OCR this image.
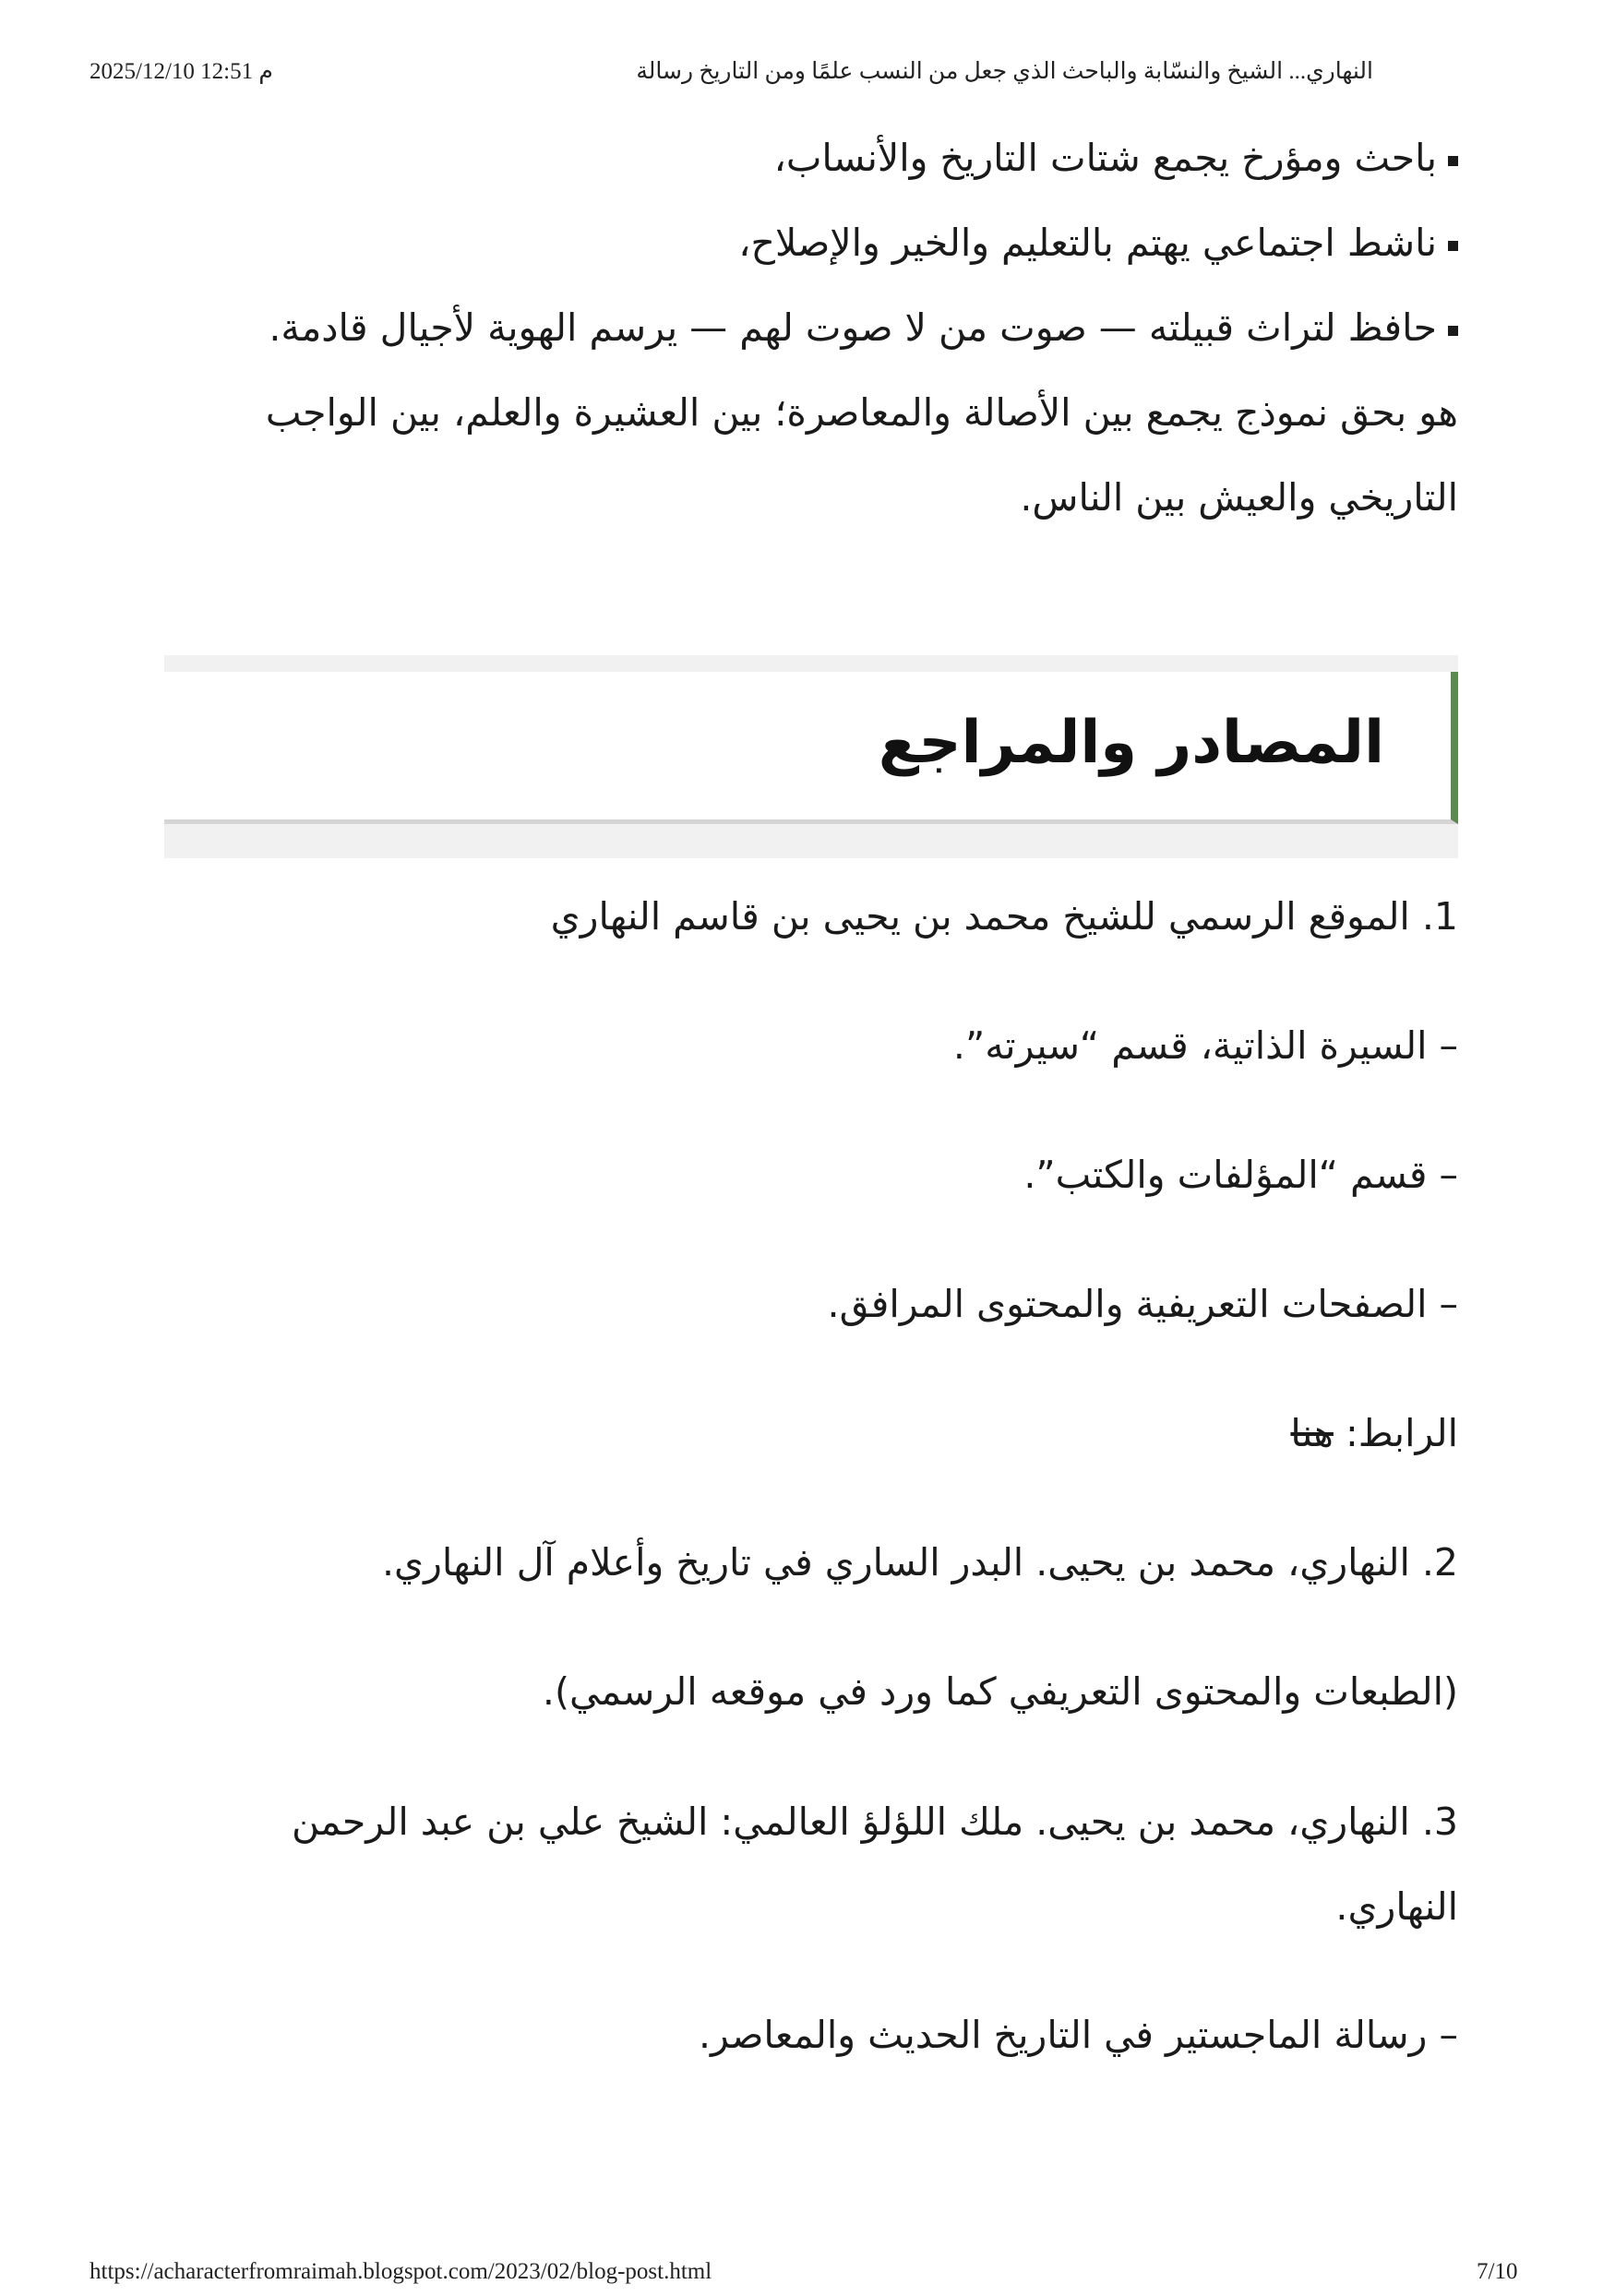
2025/12/10 12:51 م	النهاري... الشيخ والنسّابة والباحث الذي جعل من النسب علمًا ومن التاريخ رسالة
باحث ومؤرخ يجمع شتات التاريخ والأنساب،
ناشط اجتماعي يهتم بالتعليم والخير والإصلاح،
حافظ لتراث قبيلته — صوت من لا صوت لهم — يرسم الهوية لأجيال قادمة.
هو بحق نموذج يجمع بين الأصالة والمعاصرة؛ بين العشيرة والعلم، بين الواجب التاريخي والعيش بين الناس.
المصادر والمراجع
1. الموقع الرسمي للشيخ محمد بن يحيى بن قاسم النهاري
– السيرة الذاتية، قسم “سيرته”.
– قسم “المؤلفات والكتب”.
– الصفحات التعريفية والمحتوى المرافق.
الرابط: هنا
2. النهاري، محمد بن يحيى. البدر الساري في تاريخ وأعلام آل النهاري.
(الطبعات والمحتوى التعريفي كما ورد في موقعه الرسمي).
3. النهاري، محمد بن يحيى. ملك اللؤلؤ العالمي: الشيخ علي بن عبد الرحمن النهاري.
– رسالة الماجستير في التاريخ الحديث والمعاصر.
https://acharacterfromraimah.blogspot.com/2023/02/blog-post.html	7/10
